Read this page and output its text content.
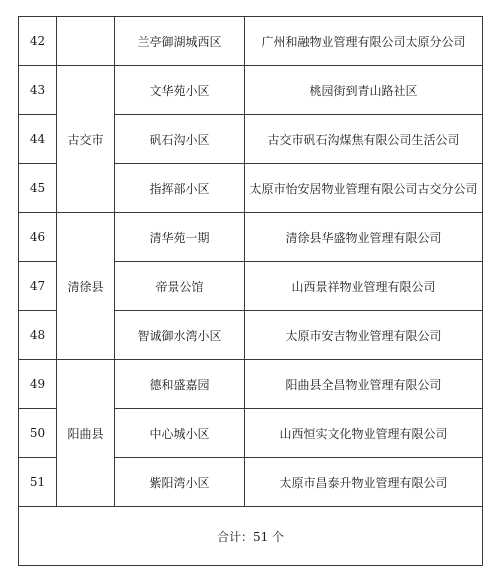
42		兰亭御湖城西区	广州和融物业管理有限公司太原分公司
43	古交市	文华苑小区	桃园街到青山路社区
44		矾石沟小区	古交市矾石沟煤焦有限公司生活公司
45		指挥部小区	太原市怡安居物业管理有限公司古交分公司
46	清徐县	清华苑一期	清徐县华盛物业管理有限公司
47		帝景公馆	山西景祥物业管理有限公司
48		智诚御水湾小区	太原市安吉物业管理有限公司
49	阳曲县	德和盛嘉园	阳曲县全昌物业管理有限公司
50		中心城小区	山西恒实文化物业管理有限公司
51		紫阳湾小区	太原市昌泰升物业管理有限公司
合计：51 个			
